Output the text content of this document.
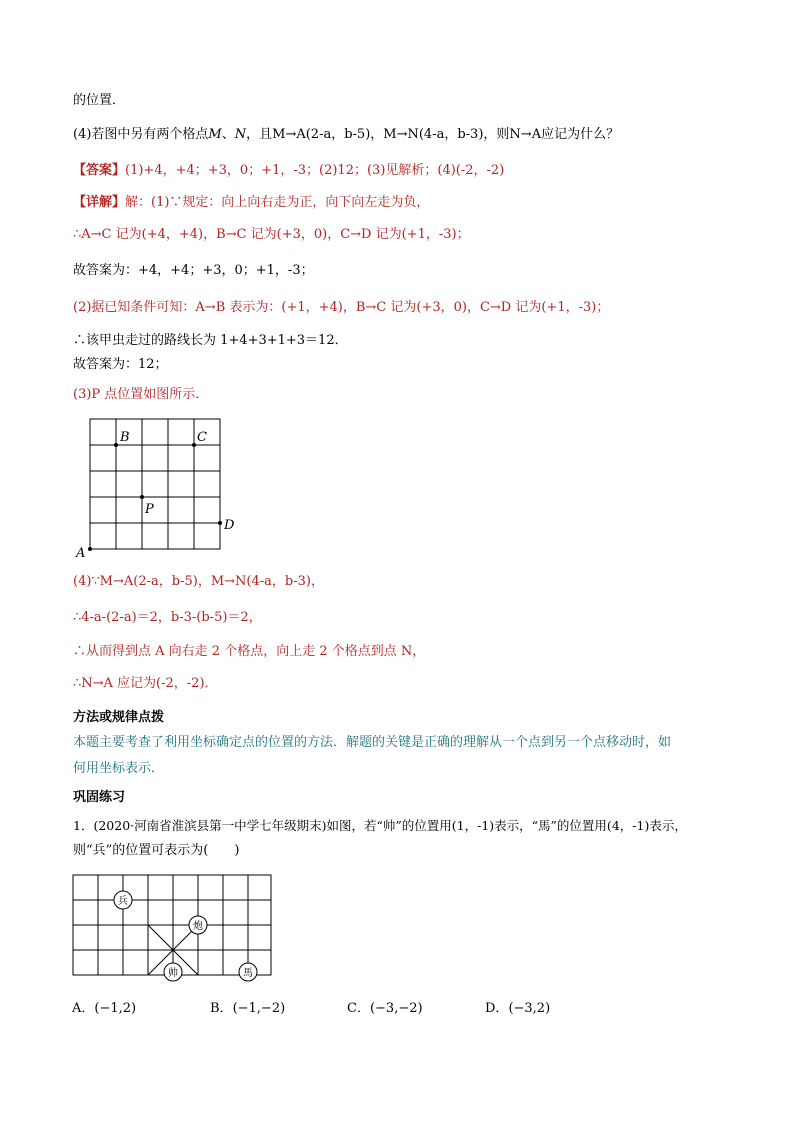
的位置．
(4)若图中另有两个格点M、N，且M→A(2-a，b-5)，M→N(4-a，b-3)，则N→A应记为什么？
【答案】(1)+4，+4；+3，0；+1，-3；(2)12；(3)见解析；(4)(-2，-2)
【详解】解：(1)∵规定：向上向右走为正，向下向左走为负，
∴A→C 记为(+4，+4)，B→C 记为(+3，0)，C→D 记为(+1，-3)；
故答案为：+4，+4；+3，0；+1，-3；
(2)据已知条件可知：A→B 表示为：(+1，+4)，B→C 记为(+3，0)，C→D 记为(+1，-3)；
∴该甲虫走过的路线长为 1+4+3+1+3＝12．
故答案为：12；
(3)P 点位置如图所示．
B	C
P
D
A
(4)∵M→A(2-a，b-5)，M→N(4-a，b-3)，
∴4-a-(2-a)＝2，b-3-(b-5)＝2，
∴从而得到点 A 向右走 2 个格点，向上走 2 个格点到点 N，
∴N→A 应记为(-2，-2)．
方法或规律点拨
本题主要考查了利用坐标确定点的位置的方法．解题的关键是正确的理解从一个点到另一个点移动时，如
何用坐标表示．
巩固练习
1．(2020·河南省淮滨县第一中学七年级期末)如图，若“帅”的位置用(1，-1)表示，“馬”的位置用(4，-1)表示，
则“兵”的位置可表示为(　　)
兵
炮
帅	馬
A．(−1,2)	B．(−1,−2)	C．(−3,−2)	D．(−3,2)
